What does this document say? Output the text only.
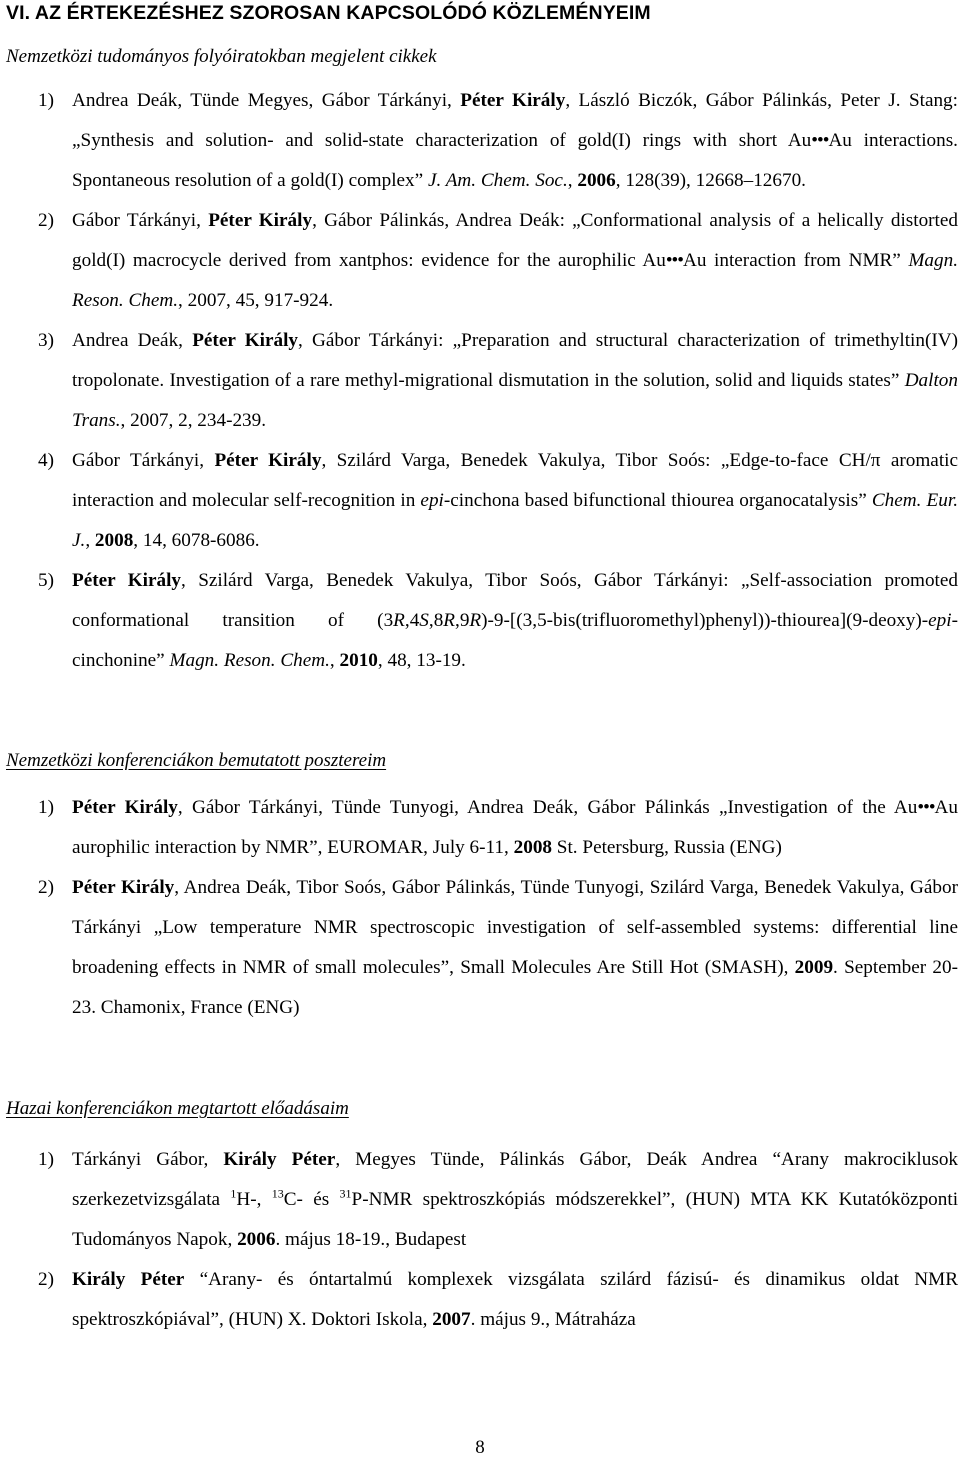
VI. AZ ÉRTEKEZÉSHEZ SZOROSAN KAPCSOLÓDÓ KÖZLEMÉNYEIM
Nemzetközi tudományos folyóiratokban megjelent cikkek
1) Andrea Deák, Tünde Megyes, Gábor Tárkányi, Péter Király, László Biczók, Gábor Pálinkás, Peter J. Stang: „Synthesis and solution- and solid-state characterization of gold(I) rings with short Au•••Au interactions. Spontaneous resolution of a gold(I) complex” J. Am. Chem. Soc., 2006, 128(39), 12668–12670.
2) Gábor Tárkányi, Péter Király, Gábor Pálinkás, Andrea Deák: „Conformational analysis of a helically distorted gold(I) macrocycle derived from xantphos: evidence for the aurophilic Au•••Au interaction from NMR” Magn. Reson. Chem., 2007, 45, 917-924.
3) Andrea Deák, Péter Király, Gábor Tárkányi: „Preparation and structural characterization of trimethyltin(IV) tropolonate. Investigation of a rare methyl-migrational dismutation in the solution, solid and liquids states” Dalton Trans., 2007, 2, 234-239.
4) Gábor Tárkányi, Péter Király, Szilárd Varga, Benedek Vakulya, Tibor Soós: „Edge-to-face CH/π aromatic interaction and molecular self-recognition in epi-cinchona based bifunctional thiourea organocatalysis” Chem. Eur. J., 2008, 14, 6078-6086.
5) Péter Király, Szilárd Varga, Benedek Vakulya, Tibor Soós, Gábor Tárkányi: „Self-association promoted conformational transition of (3R,4S,8R,9R)-9-[(3,5-bis(trifluoromethyl)phenyl))-thiourea](9-deoxy)-epi-cinchonine” Magn. Reson. Chem., 2010, 48, 13-19.
Nemzetközi konferenciákon bemutatott posztereim
1) Péter Király, Gábor Tárkányi, Tünde Tunyogi, Andrea Deák, Gábor Pálinkás „Investigation of the Au•••Au aurophilic interaction by NMR”, EUROMAR, July 6-11, 2008 St. Petersburg, Russia (ENG)
2) Péter Király, Andrea Deák, Tibor Soós, Gábor Pálinkás, Tünde Tunyogi, Szilárd Varga, Benedek Vakulya, Gábor Tárkányi „Low temperature NMR spectroscopic investigation of self-assembled systems: differential line broadening effects in NMR of small molecules”, Small Molecules Are Still Hot (SMASH), 2009. September 20-23. Chamonix, France (ENG)
Hazai konferenciákon megtartott előadásaim
1) Tárkányi Gábor, Király Péter, Megyes Tünde, Pálinkás Gábor, Deák Andrea “Arany makrociklusok szerkezetvizsgálata $^1$H-, $^{13}$C- és $^{31}$P-NMR spektroszkópiás módszerekkel”, (HUN) MTA KK Kutatóközponti Tudományos Napok, 2006. május 18-19., Budapest
2) Király Péter “Arany- és óntartalmú komplexek vizsgálata szilárd fázisú- és dinamikus oldat NMR spektroszkópiával”, (HUN) X. Doktori Iskola, 2007. május 9., Mátraháza
8
